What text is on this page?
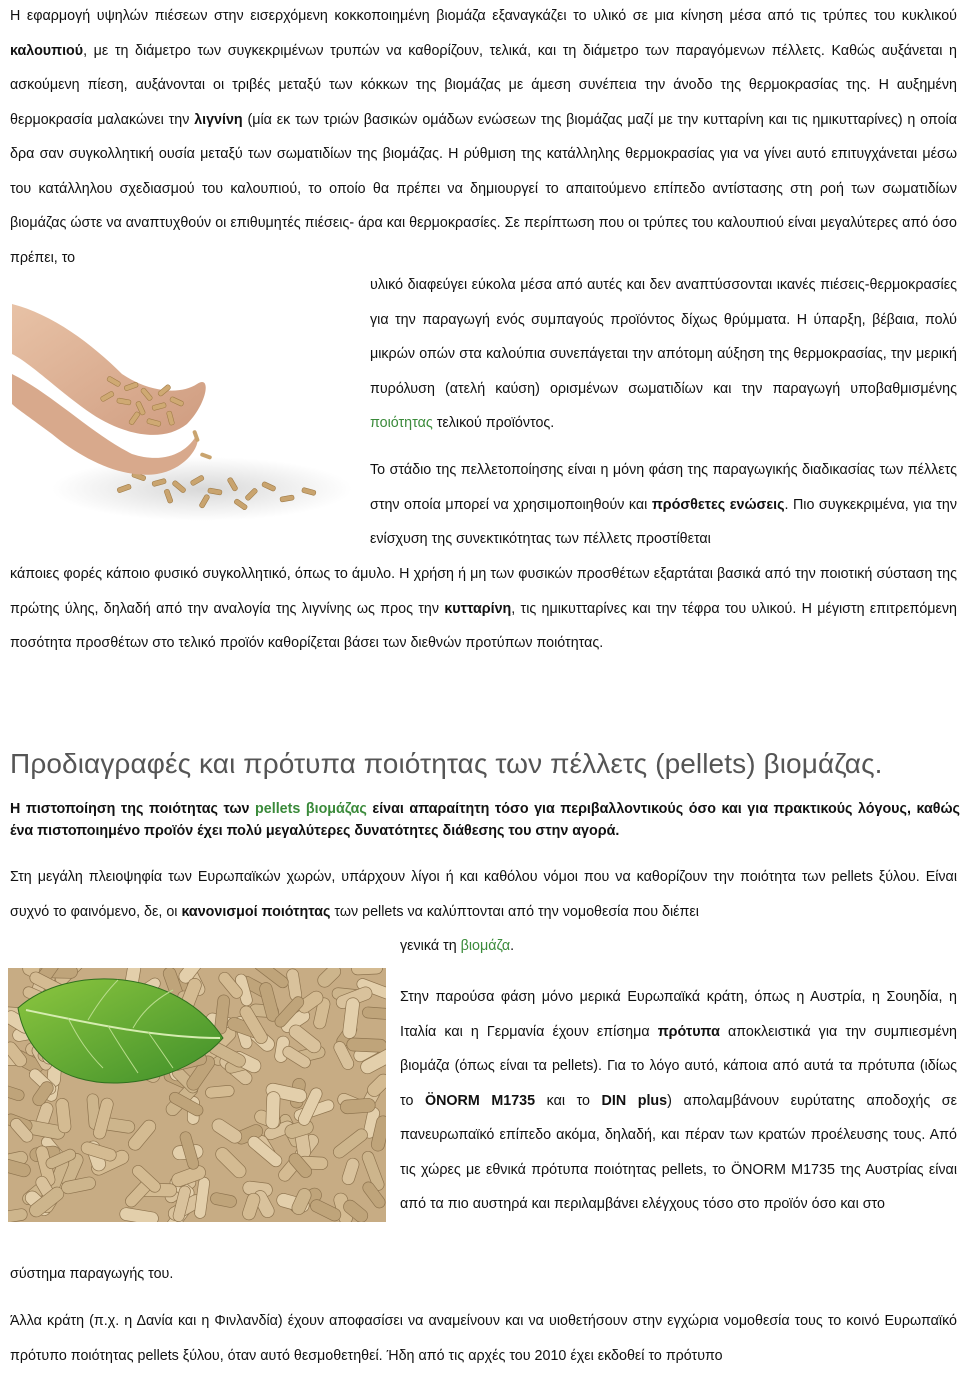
Η εφαρμογή υψηλών πιέσεων στην εισερχόμενη κοκκοποιημένη βιομάζα εξαναγκάζει το υλικό σε μια κίνηση μέσα από τις τρύπες του κυκλικού καλουπιού, με τη διάμετρο των συγκεκριμένων τρυπών να καθορίζουν, τελικά, και τη διάμετρο των παραγόμενων πέλλετς. Καθώς αυξάνεται η ασκούμενη πίεση, αυξάνονται οι τριβές μεταξύ των κόκκων της βιομάζας με άμεση συνέπεια την άνοδο της θερμοκρασίας της. Η αυξημένη θερμοκρασία μαλακώνει την λιγνίνη (μία εκ των τριών βασικών ομάδων ενώσεων της βιομάζας μαζί με την κυτταρίνη και τις ημικυτταρίνες) η οποία δρα σαν συγκολλητική ουσία μεταξύ των σωματιδίων της βιομάζας. Η ρύθμιση της κατάλληλης θερμοκρασίας για να γίνει αυτό επιτυγχάνεται μέσω του κατάλληλου σχεδιασμού του καλουπιού, το οποίο θα πρέπει να δημιουργεί το απαιτούμενο επίπεδο αντίστασης στη ροή των σωματιδίων βιομάζας ώστε να αναπτυχθούν οι επιθυμητές πιέσεις- άρα και θερμοκρασίες. Σε περίπτωση που οι τρύπες του καλουπιού είναι μεγαλύτερες από όσο πρέπει, το

υλικό διαφεύγει εύκολα μέσα από αυτές και δεν αναπτύσσονται ικανές πιέσεις-θερμοκρασίες για την παραγωγή ενός συμπαγούς προϊόντος δίχως θρύμματα. Η ύπαρξη, βέβαια, πολύ μικρών οπών στα καλούπια συνεπάγεται την απότομη αύξηση της θερμοκρασίας, την μερική πυρόλυση (ατελή καύση) ορισμένων σωματιδίων και την παραγωγή υποβαθμισμένης ποιότητας τελικού προϊόντος.

Το στάδιο της πελλετοποίησης είναι η μόνη φάση της παραγωγικής διαδικασίας των πέλλετς στην οποία μπορεί να χρησιμοποιηθούν και πρόσθετες ενώσεις. Πιο συγκεκριμένα, για την ενίσχυση της συνεκτικότητας των πέλλετς προστίθεται

κάποιες φορές κάποιο φυσικό συγκολλητικό, όπως το άμυλο. Η χρήση ή μη των φυσικών προσθέτων εξαρτάται βασικά από την ποιοτική σύσταση της πρώτης ύλης, δηλαδή από την αναλογία της λιγνίνης ως προς την κυτταρίνη, τις ημικυτταρίνες και την τέφρα του υλικού. Η μέγιστη επιτρεπόμενη ποσότητα προσθέτων στο τελικό προϊόν καθορίζεται βάσει των διεθνών προτύπων ποιότητας.

Προδιαγραφές και πρότυπα ποιότητας των πέλλετς (pellets) βιομάζας.

Η πιστοποίηση της ποιότητας των pellets βιομάζας είναι απαραίτητη τόσο για περιβαλλοντικούς όσο και για πρακτικούς λόγους, καθώς ένα πιστοποιημένο προϊόν έχει πολύ μεγαλύτερες δυνατότητες διάθεσης του στην αγορά.

Στη μεγάλη πλειοψηφία των Ευρωπαϊκών χωρών, υπάρχουν λίγοι ή και καθόλου νόμοι που να καθορίζουν την ποιότητα των pellets ξύλου. Είναι συχνό το φαινόμενο, δε, οι κανονισμοί ποιότητας των pellets να καλύπτονται από την νομοθεσία που διέπει

γενικά τη βιομάζα.

Στην παρούσα φάση μόνο μερικά Ευρωπαϊκά κράτη, όπως η Αυστρία, η Σουηδία, η Ιταλία και η Γερμανία έχουν επίσημα πρότυπα αποκλειστικά για την συμπιεσμένη βιομάζα (όπως είναι τα pellets). Για το λόγο αυτό, κάποια από αυτά τα πρότυπα (ιδίως το ÖNORM M1735 και το DIN plus) απολαμβάνουν ευρύτατης αποδοχής σε πανευρωπαϊκό επίπεδο ακόμα, δηλαδή, και πέραν των κρατών προέλευσης τους. Από τις χώρες με εθνικά πρότυπα ποιότητας pellets, το ÖNORM M1735 της Αυστρίας είναι από τα πιο αυστηρά και περιλαμβάνει ελέγχους τόσο στο προϊόν όσο και στο

σύστημα παραγωγής του.

Άλλα κράτη (π.χ. η Δανία και η Φινλανδία) έχουν αποφασίσει να αναμείνουν και να υιοθετήσουν στην εγχώρια νομοθεσία τους το κοινό Ευρωπαϊκό πρότυπο ποιότητας pellets ξύλου, όταν αυτό θεσμοθετηθεί. Ήδη από τις αρχές του 2010 έχει εκδοθεί το πρότυπο
